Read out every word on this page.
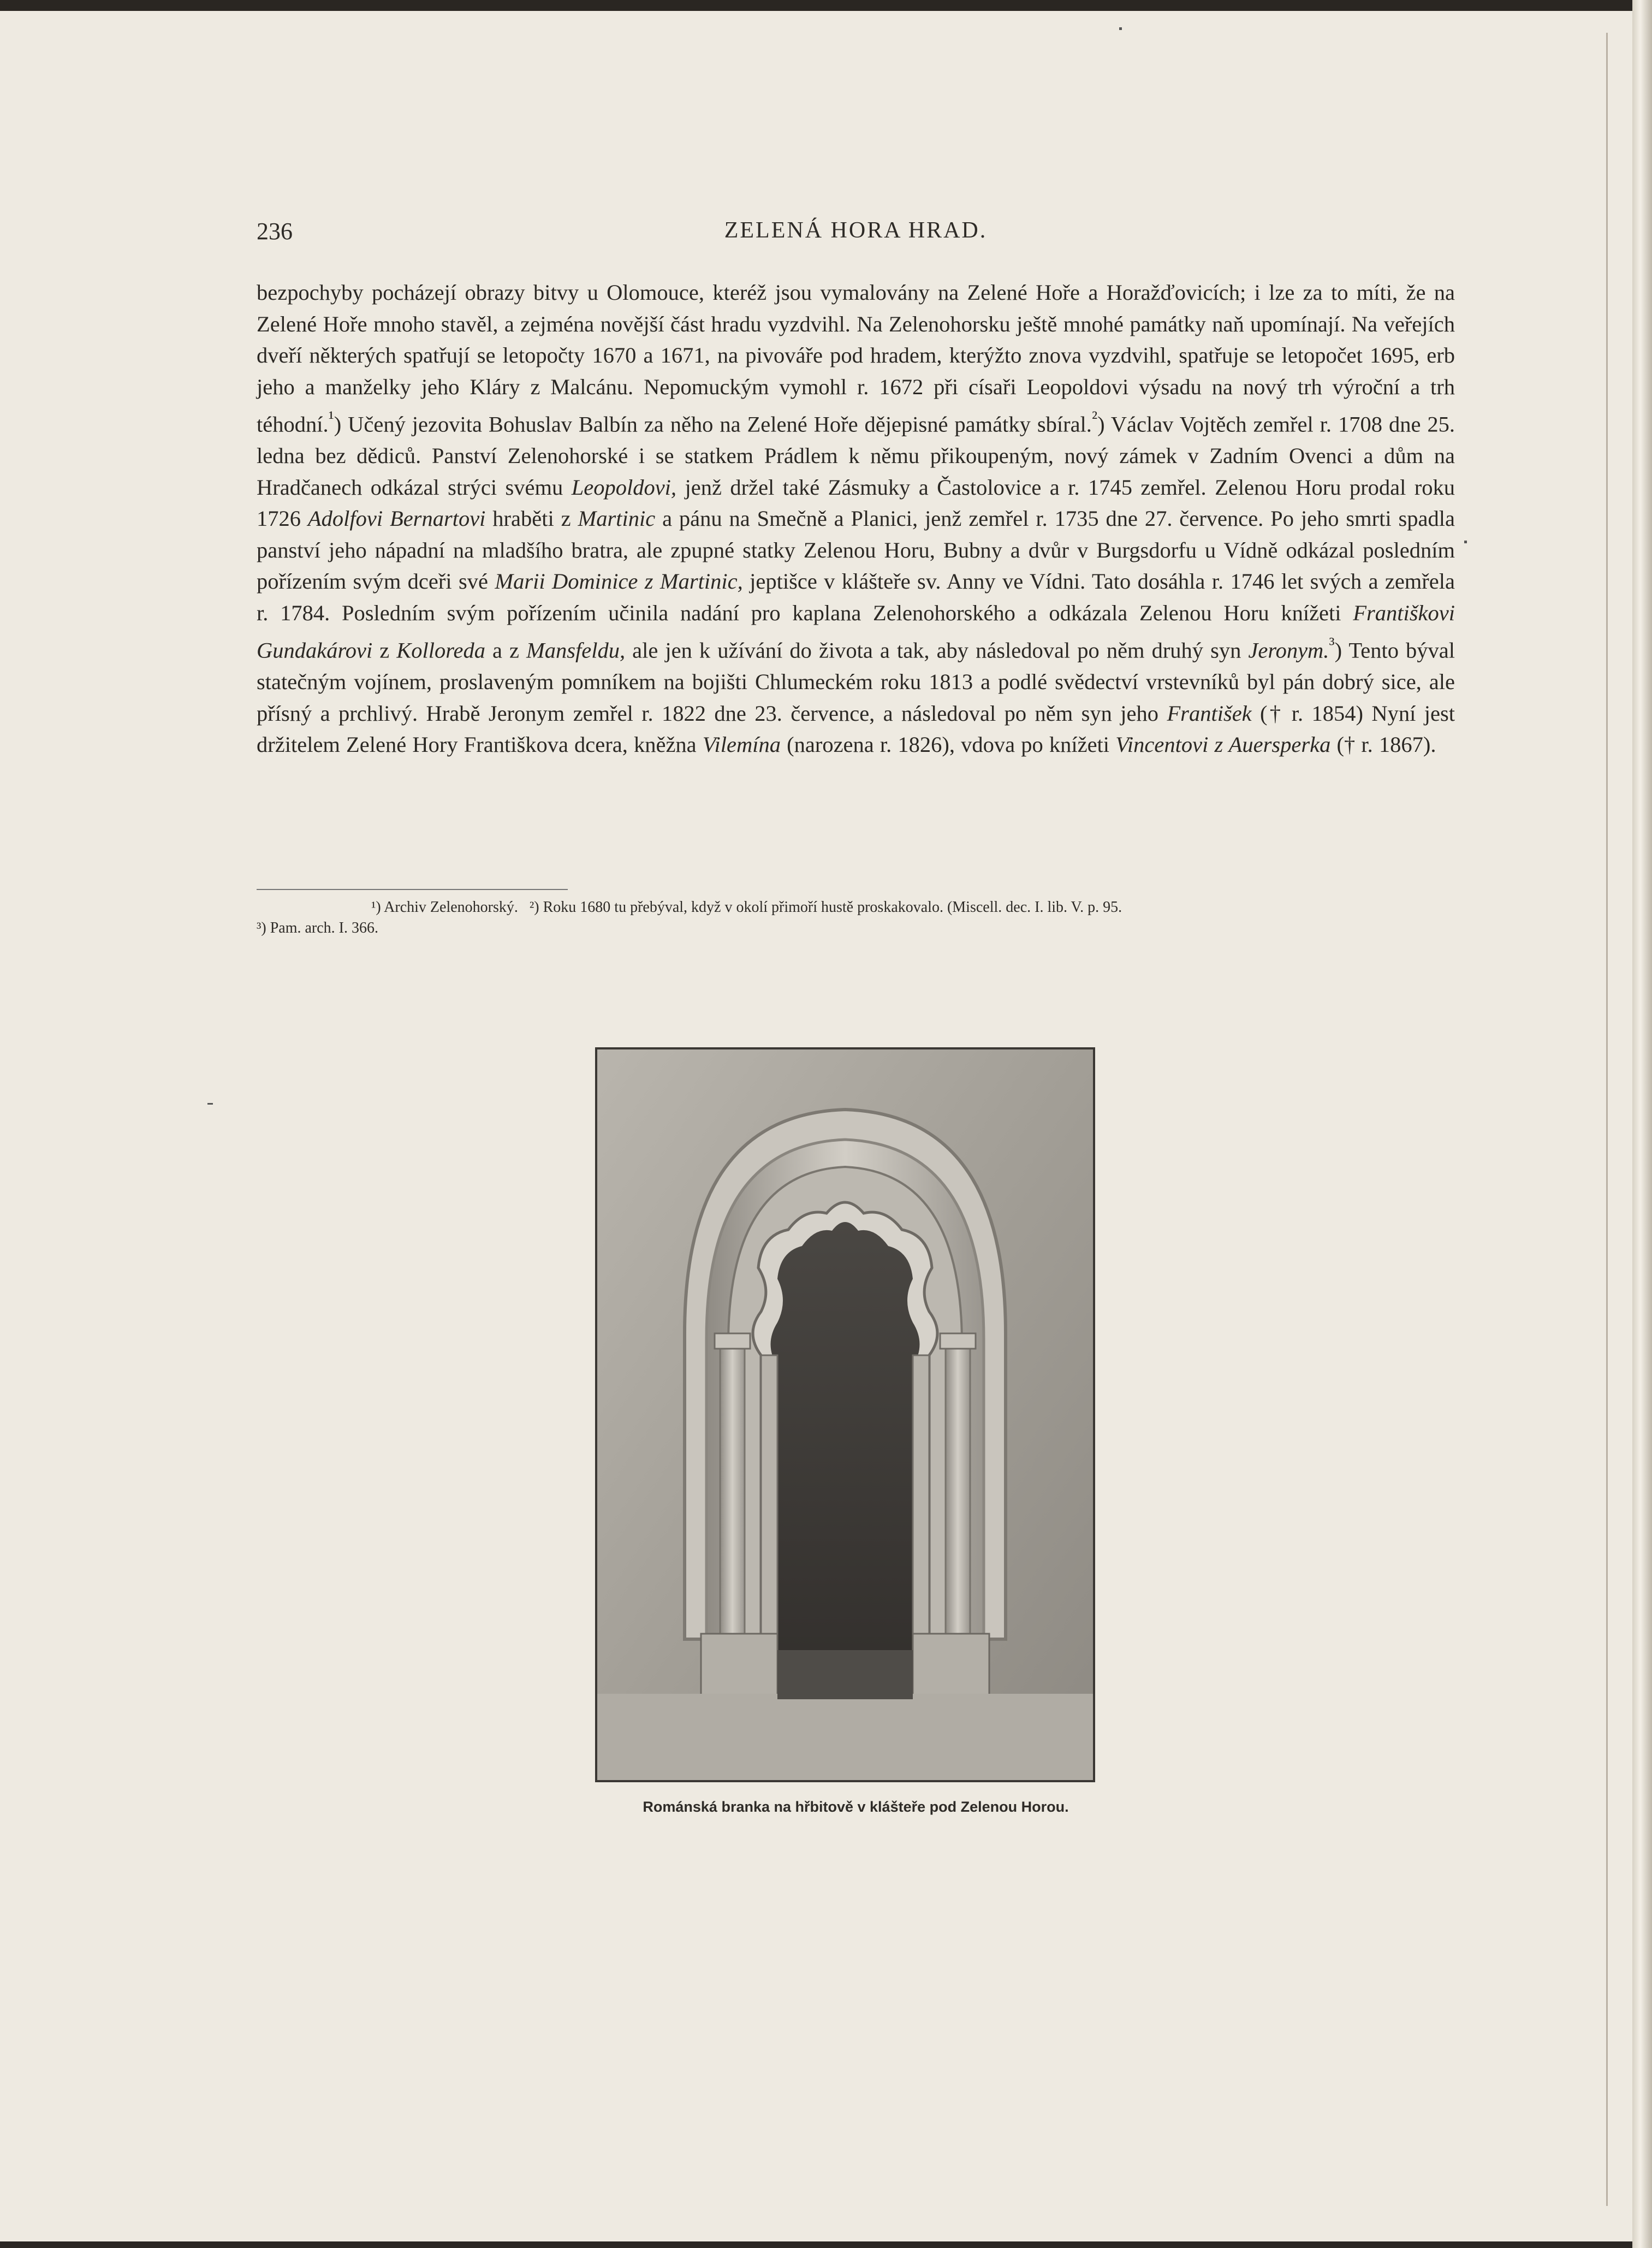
236	ZELENÁ HORA HRAD.
bezpochyby pocházejí obrazy bitvy u Olomouce, kteréž jsou vymalovány na Zelené Hoře a Horažďovicích; i lze za to míti, že na Zelené Hoře mnoho stavěl, a zejména novější část hradu vyzdvihl. Na Zelenohorsku ještě mnohé památky naň upomínají. Na veřejích dveří některých spatřují se letopočty 1670 a 1671, na pivováře pod hradem, kterýžto znova vyzdvihl, spatřuje se letopočet 1695, erb jeho a manželky jeho Kláry z Malcánu. Nepomuckým vymohl r. 1672 při císaři Leopoldovi výsadu na nový trh výroční a trh téhodní.$^{^1}$) Učený jezovita Bohuslav Balbín za něho na Zelené Hoře dějepisné památky sbíral.$^{^2}$) Václav Vojtěch zemřel r. 1708 dne 25. ledna bez dědiců. Panství Zelenohorské i se statkem Prádlem k němu přikoupeným, nový zámek v Zadním Ovenci a dům na Hradčanech odkázal strýci svému Leopoldovi, jenž držel také Zásmuky a Častolovice a r. 1745 zemřel. Zelenou Horu prodal roku 1726 Adolfovi Bernartovi hraběti z Martinic a pánu na Smečně a Planici, jenž zemřel r. 1735 dne 27. července. Po jeho smrti spadla panství jeho nápadní na mladšího bratra, ale zpupné statky Zelenou Horu, Bubny a dvůr v Burgsdorfu u Vídně odkázal posledním pořízením svým dceři své Marii Dominice z Martinic, jeptišce v klášteře sv. Anny ve Vídni. Tato dosáhla r. 1746 let svých a zemřela r. 1784. Posledním svým pořízením učinila nadání pro kaplana Zelenohorského a odkázala Zelenou Horu knížeti Františkovi Gundakárovi z Kolloreda a z Mansfeldu, ale jen k užívání do života a tak, aby následoval po něm druhý syn Jeronym.$^{^3}$) Tento býval statečným vojínem, proslaveným pomníkem na bojišti Chlumeckém roku 1813 a podlé svědectví vrstevníků byl pán dobrý sice, ale přísný a prchlivý. Hrabě Jeronym zemřel r. 1822 dne 23. července, a následoval po něm syn jeho František († r. 1854) Nyní jest držitelem Zelené Hory Františkova dcera, kněžna Vilemína (narozena r. 1826), vdova po knížeti Vincentovi z Auersperka († r. 1867).
¹) Archiv Zelenohorský. ²) Roku 1680 tu přebýval, když v okolí přimoří hustě proskakovalo. (Miscell. dec. I. lib. V. p. 95.
³) Pam. arch. I. 366.
Románská branka na hřbitově v klášteře pod Zelenou Horou.
